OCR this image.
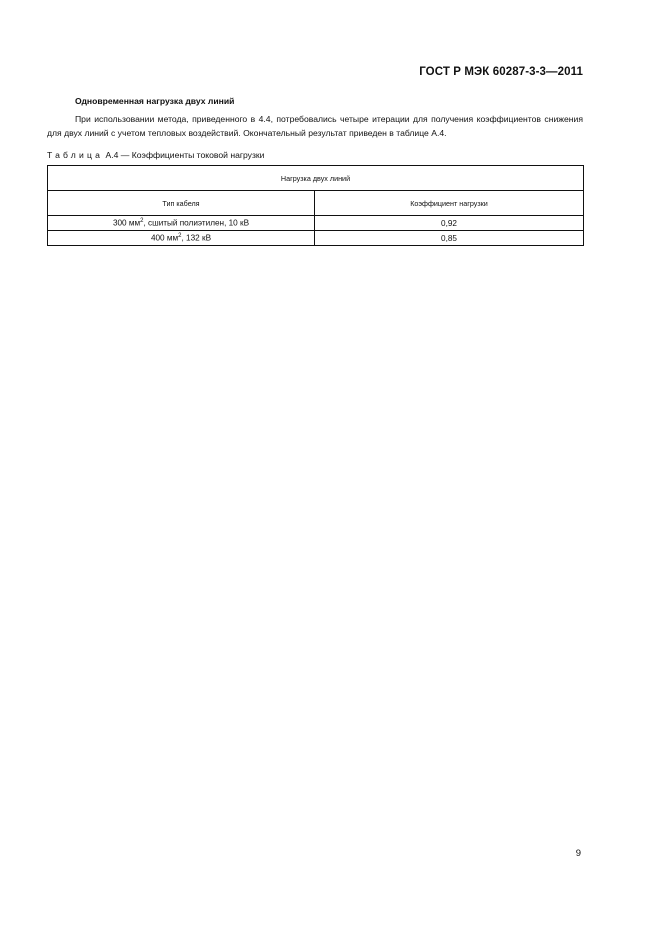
ГОСТ Р МЭК 60287-3-3—2011
Одновременная нагрузка двух линий
При использовании метода, приведенного в 4.4, потребовались четыре итерации для получения коэффициентов снижения для двух линий с учетом тепловых воздействий. Окончательный результат приведен в таблице А.4.
Таблица А.4 — Коэффициенты токовой нагрузки
Нагрузка двух линий	
Тип кабеля	Коэффициент нагрузки
300 $мм^2$, сшитый полиэтилен, 10 кВ	0,92
400 $мм^2$, 132 кВ	0,85
9
